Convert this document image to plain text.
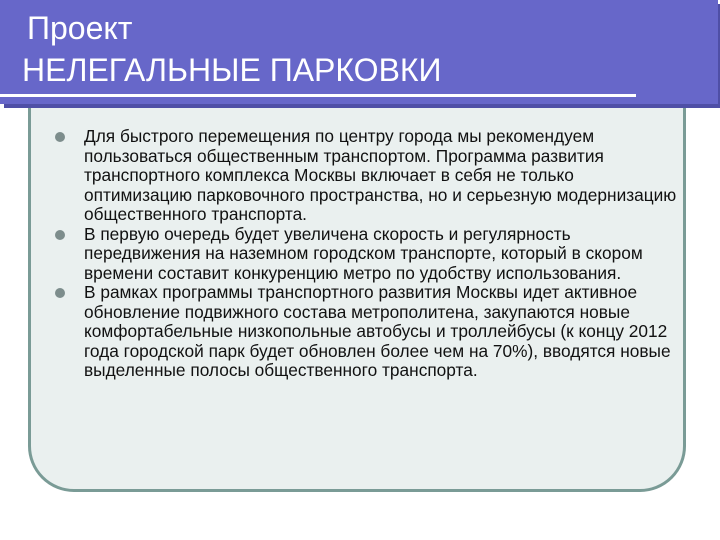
Проект
НЕЛЕГАЛЬНЫЕ ПАРКОВКИ
Для быстрого перемещения по центру города мы рекомендуем пользоваться общественным транспортом. Программа развития транспортного комплекса Москвы включает в себя не только оптимизацию парковочного пространства, но и серьезную модернизацию общественного транспорта.
В первую очередь будет увеличена скорость и регулярность передвижения на наземном городском транспорте, который в скором времени составит конкуренцию метро по удобству использования.
В рамках программы транспортного развития Москвы идет активное обновление подвижного состава метрополитена, закупаются новые комфортабельные низкопольные автобусы и троллейбусы (к концу 2012 года городской парк будет обновлен более чем на 70%), вводятся новые выделенные полосы общественного транспорта.
